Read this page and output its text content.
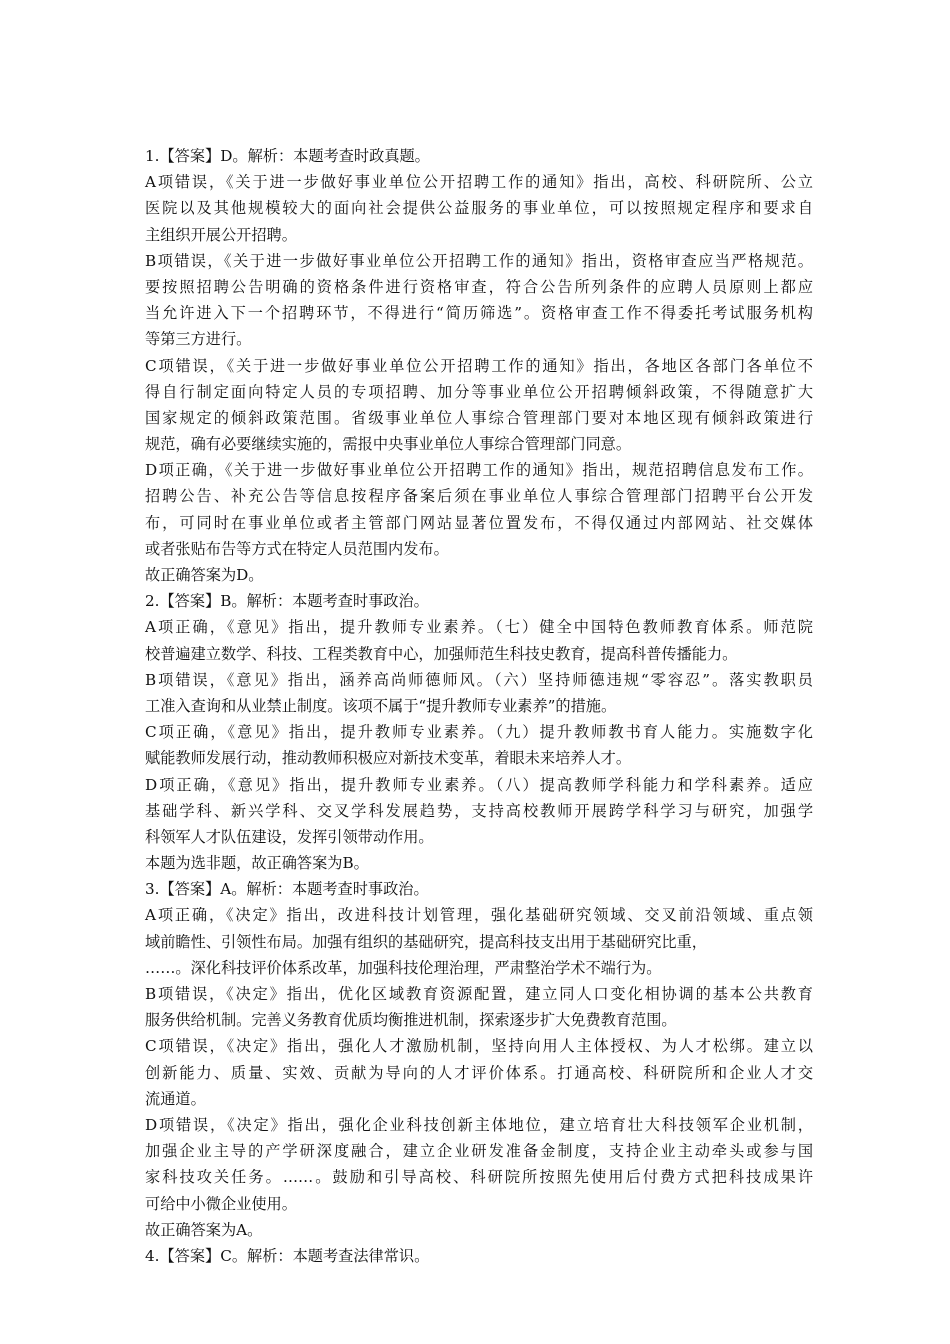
1.【答案】D。解析：本题考查时政真题。
A项错误，《关于进一步做好事业单位公开招聘工作的通知》指出，高校、科研院所、公立
医院以及其他规模较大的面向社会提供公益服务的事业单位，可以按照规定程序和要求自
主组织开展公开招聘。
B项错误，《关于进一步做好事业单位公开招聘工作的通知》指出，资格审查应当严格规范。
要按照招聘公告明确的资格条件进行资格审查，符合公告所列条件的应聘人员原则上都应
当允许进入下一个招聘环节，不得进行“简历筛选”。资格审查工作不得委托考试服务机构
等第三方进行。
C项错误，《关于进一步做好事业单位公开招聘工作的通知》指出，各地区各部门各单位不
得自行制定面向特定人员的专项招聘、加分等事业单位公开招聘倾斜政策，不得随意扩大
国家规定的倾斜政策范围。省级事业单位人事综合管理部门要对本地区现有倾斜政策进行
规范，确有必要继续实施的，需报中央事业单位人事综合管理部门同意。
D项正确，《关于进一步做好事业单位公开招聘工作的通知》指出，规范招聘信息发布工作。
招聘公告、补充公告等信息按程序备案后须在事业单位人事综合管理部门招聘平台公开发
布，可同时在事业单位或者主管部门网站显著位置发布，不得仅通过内部网站、社交媒体
或者张贴布告等方式在特定人员范围内发布。
故正确答案为D。
2.【答案】B。解析：本题考查时事政治。
A项正确，《意见》指出，提升教师专业素养。（七）健全中国特色教师教育体系。师范院
校普遍建立数学、科技、工程类教育中心，加强师范生科技史教育，提高科普传播能力。
B项错误，《意见》指出，涵养高尚师德师风。（六）坚持师德违规“零容忍”。落实教职员
工准入查询和从业禁止制度。该项不属于“提升教师专业素养”的措施。
C项正确，《意见》指出，提升教师专业素养。（九）提升教师教书育人能力。实施数字化
赋能教师发展行动，推动教师积极应对新技术变革，着眼未来培养人才。
D项正确，《意见》指出，提升教师专业素养。（八）提高教师学科能力和学科素养。适应
基础学科、新兴学科、交叉学科发展趋势，支持高校教师开展跨学科学习与研究，加强学
科领军人才队伍建设，发挥引领带动作用。
本题为选非题，故正确答案为B。
3.【答案】A。解析：本题考查时事政治。
A项正确，《决定》指出，改进科技计划管理，强化基础研究领域、交叉前沿领域、重点领
域前瞻性、引领性布局。加强有组织的基础研究，提高科技支出用于基础研究比重，
……。深化科技评价体系改革，加强科技伦理治理，严肃整治学术不端行为。
B项错误，《决定》指出，优化区域教育资源配置，建立同人口变化相协调的基本公共教育
服务供给机制。完善义务教育优质均衡推进机制，探索逐步扩大免费教育范围。
C项错误，《决定》指出，强化人才激励机制，坚持向用人主体授权、为人才松绑。建立以
创新能力、质量、实效、贡献为导向的人才评价体系。打通高校、科研院所和企业人才交
流通道。
D项错误，《决定》指出，强化企业科技创新主体地位，建立培育壮大科技领军企业机制，
加强企业主导的产学研深度融合，建立企业研发准备金制度，支持企业主动牵头或参与国
家科技攻关任务。……。鼓励和引导高校、科研院所按照先使用后付费方式把科技成果许
可给中小微企业使用。
故正确答案为A。
4.【答案】C。解析：本题考查法律常识。
